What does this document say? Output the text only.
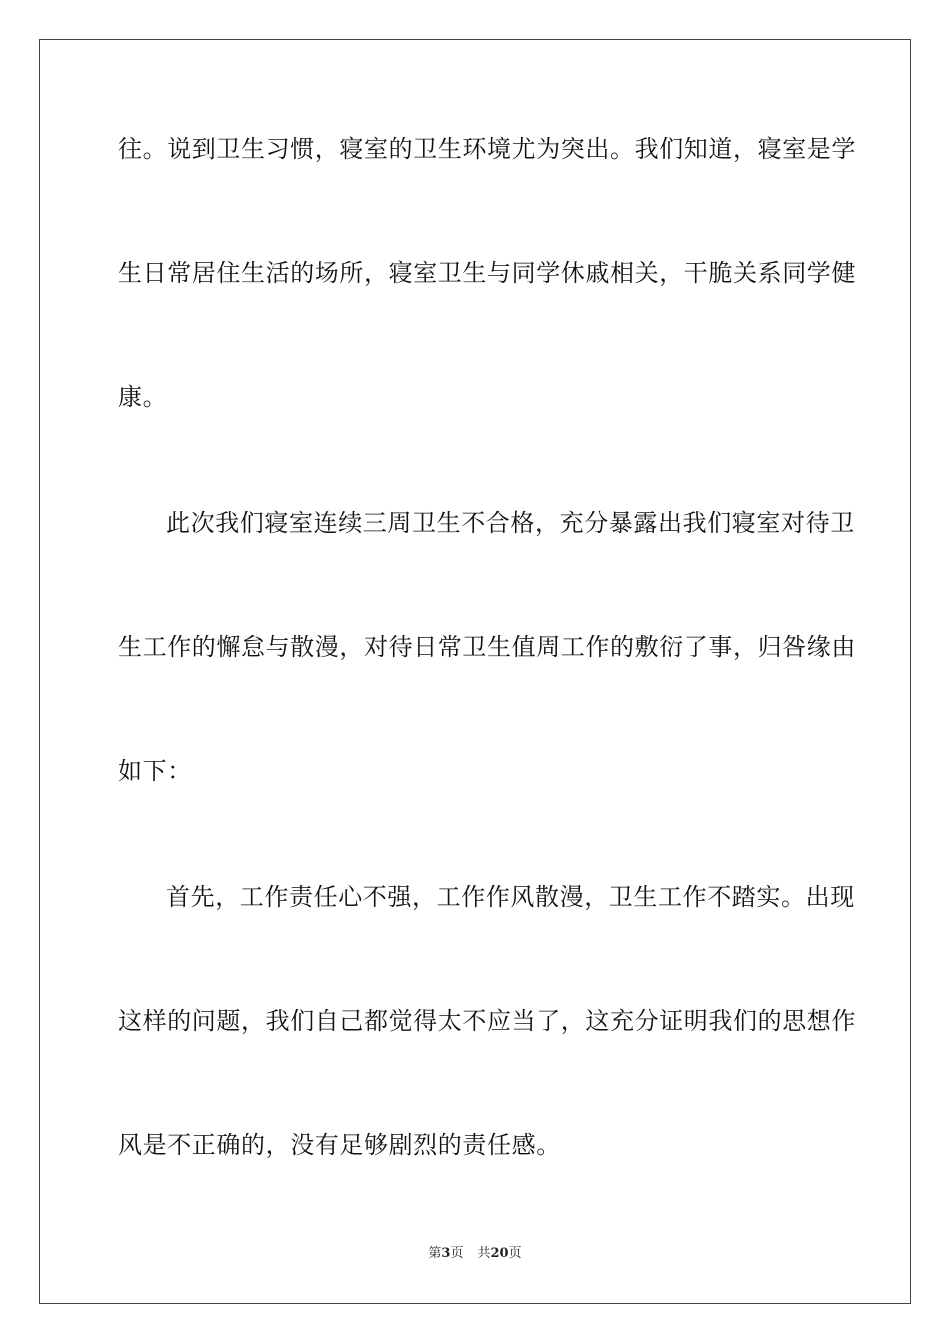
往。说到卫生习惯，寝室的卫生环境尤为突出。我们知道，寝室是学
生日常居住生活的场所，寝室卫生与同学休戚相关，干脆关系同学健
康。
此次我们寝室连续三周卫生不合格，充分暴露出我们寝室对待卫
生工作的懈怠与散漫，对待日常卫生值周工作的敷衍了事，归咎缘由
如下：
首先，工作责任心不强，工作作风散漫，卫生工作不踏实。出现
这样的问题，我们自己都觉得太不应当了，这充分证明我们的思想作
风是不正确的，没有足够剧烈的责任感。
第3页 共20页
